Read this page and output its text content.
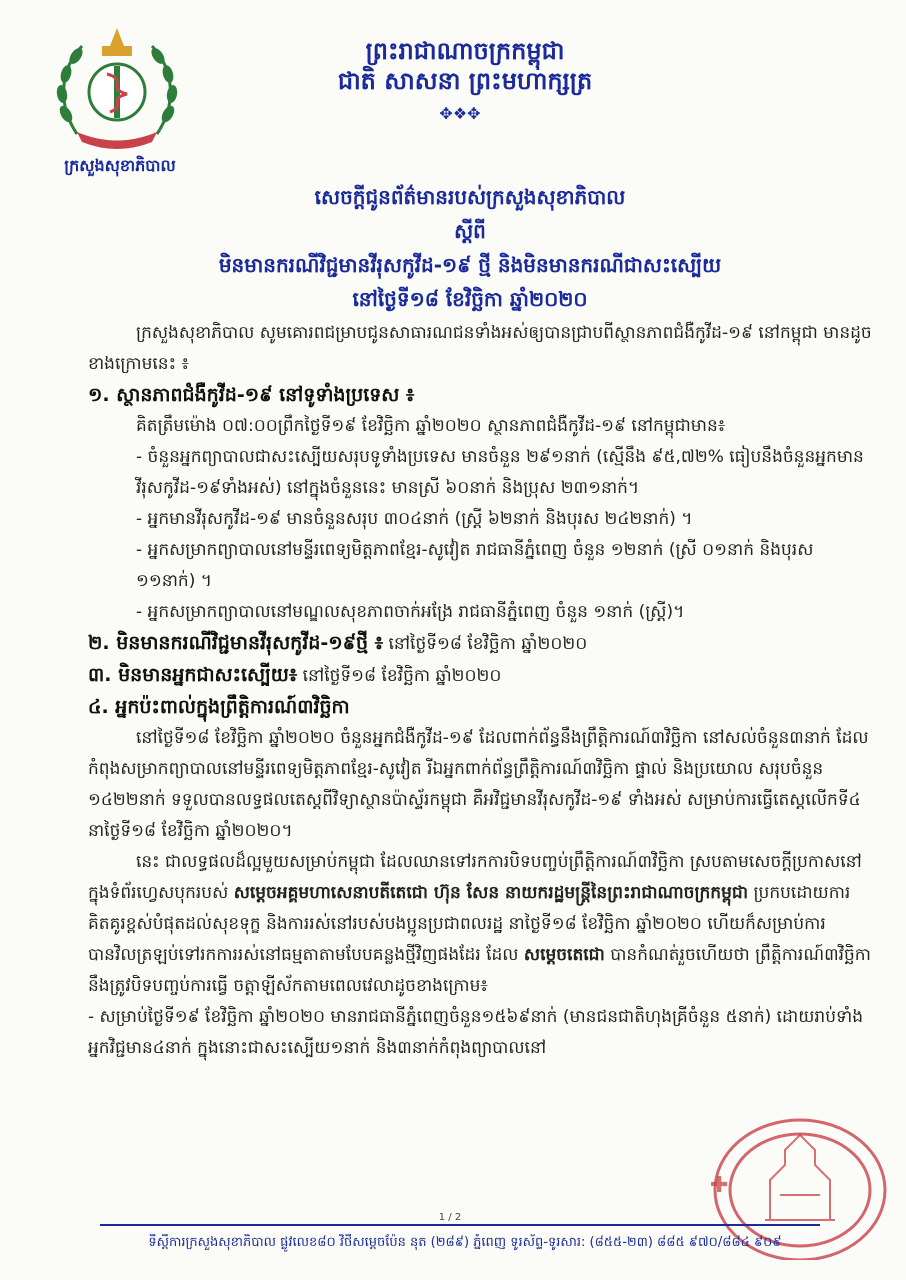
ព្រះរាជាណាចក្រកម្ពុជា
ជាតិ សាសនា ព្រះមហាក្សត្រ
✥❖✥
ក្រសួងសុខាភិបាល
សេចក្តីជូនព័ត៌មានរបស់ក្រសួងសុខាភិបាល
ស្តីពី
មិនមានករណីវិជ្ជមានវីរុសកូវីដ-១៩ ថ្មី និងមិនមានករណីជាសះស្បើយ
នៅថ្ងៃទី១៨ ខែវិច្ឆិកា ឆ្នាំ២០២០
ក្រសួងសុខាភិបាល សូមគោរពជម្រាបជូនសាធារណជនទាំងអស់ឲ្យបានជ្រាបពីស្ថានភាពជំងឺកូវីដ-១៩ នៅកម្ពុជា មានដូចខាងក្រោមនេះ ៖
១. ស្ថានភាពជំងឺកូវីដ-១៩ នៅទូទាំងប្រទេស ៖
គិតត្រឹមម៉ោង ០៧:០០ព្រឹកថ្ងៃទី១៩ ខែវិច្ឆិកា ឆ្នាំ២០២០ ស្ថានភាពជំងឺកូវីដ-១៩ នៅកម្ពុជាមាន៖
- ចំនួនអ្នកព្យាបាលជាសះស្បើយសរុបទូទាំងប្រទេស មានចំនួន ២៩១នាក់ (ស្មើនឹង ៩៥,៧២% ធៀបនឹងចំនួនអ្នកមានវីរុសកូវីដ-១៩ទាំងអស់) នៅក្នុងចំនួននេះ មានស្រី ៦០នាក់ និងប្រុស ២៣១នាក់។
- អ្នកមានវីរុសកូវីដ-១៩ មានចំនួនសរុប ៣០៤នាក់ (ស្ត្រី ៦២នាក់ និងបុរស ២៤២នាក់) ។
- អ្នកសម្រាកព្យាបាលនៅមន្ទីរពេទ្យមិត្តភាពខ្មែរ-សូវៀត រាជធានីភ្នំពេញ ចំនួន ១២នាក់ (ស្រី ០១នាក់ និងបុរស ១១នាក់) ។
- អ្នកសម្រាកព្យាបាលនៅមណ្ឌលសុខភាពចាក់អង្រែ រាជធានីភ្នំពេញ ចំនួន ១នាក់ (ស្ត្រី)។
២. មិនមានករណីវិជ្ជមានវីរុសកូវីដ-១៩ថ្មី ៖ នៅថ្ងៃទី១៨ ខែវិច្ឆិកា ឆ្នាំ២០២០
៣. មិនមានអ្នកជាសះស្បើយ៖ នៅថ្ងៃទី១៨ ខែវិច្ឆិកា ឆ្នាំ២០២០
៤. អ្នកប៉ះពាល់ក្នុងព្រឹត្តិការណ៍៣វិច្ឆិកា
នៅថ្ងៃទី១៨ ខែវិច្ឆិកា ឆ្នាំ២០២០ ចំនួនអ្នកជំងឺកូវីដ-១៩ ដែលពាក់ព័ន្ធនឹងព្រឹត្តិការណ៍៣វិច្ឆិកា នៅសល់ចំនួន៣នាក់ ដែលកំពុងសម្រាកព្យាបាលនៅមន្ទីរពេទ្យមិត្តភាពខ្មែរ-សូវៀត រីឯអ្នកពាក់ព័ន្ធព្រឹត្តិការណ៍៣វិច្ឆិកា ផ្ទាល់ និងប្រយោល សរុបចំនួន ១៤២២នាក់ ទទួលបានលទ្ធផលតេស្តពីវិទ្យាស្ថានប៉ាស្ទ័រកម្ពុជា គឺអវិជ្ជមានវីរុសកូវីដ-១៩ ទាំងអស់ សម្រាប់ការធ្វើតេស្តលើកទី៤ នាថ្ងៃទី១៨ ខែវិច្ឆិកា ឆ្នាំ២០២០។
នេះ ជាលទ្ធផលដ៏ល្អមួយសម្រាប់កម្ពុជា ដែលឈានទៅរកការបិទបញ្ចប់ព្រឹត្តិការណ៍៣វិច្ឆិកា ស្របតាមសេចក្តីប្រកាសនៅក្នុងទំព័រហ្វេសបុករបស់ សម្តេចអគ្គមហាសេនាបតីតេជោ ហ៊ុន សែន នាយករដ្ឋមន្ត្រីនៃព្រះរាជាណាចក្រកម្ពុជា ប្រកបដោយការគិតគូរខ្ពស់បំផុតដល់សុខទុក្ខ និងការរស់នៅរបស់បងប្អូនប្រជាពលរដ្ឋ នាថ្ងៃទី១៨ ខែវិច្ឆិកា ឆ្នាំ២០២០ ហើយក៏សម្រាប់ការបានវិលត្រឡប់ទៅរកការរស់នៅធម្មតាតាមបែបគន្លងថ្មីវិញផងដែរ ដែល សម្តេចតេជោ បានកំណត់រួចហើយថា ព្រឹត្តិការណ៍៣វិច្ឆិកា នឹងត្រូវបិទបញ្ចប់ការធ្វើ ចត្តាឡីស័កតាមពេលវេលាដូចខាងក្រោម៖
- សម្រាប់ថ្ងៃទី១៩ ខែវិច្ឆិកា ឆ្នាំ២០២០ មានរាជធានីភ្នំពេញចំនួន១៥៦៩នាក់ (មានជនជាតិហុងគ្រីចំនួន ៥នាក់) ដោយរាប់ទាំងអ្នកវិជ្ជមាន៤នាក់ ក្នុងនោះជាសះស្បើយ១នាក់ និង៣នាក់កំពុងព្យាបាលនៅ
✚
1 / 2
ទីស្តីការក្រសួងសុខាភិបាល ផ្លូវលេខ៨០ វិថីសម្តេចប៉ែន នុត (២៨៩) ភ្នំពេញ ទូរស័ព្ទ-ទូរសារ: (៨៥៥-២៣) ៨៨៥ ៩៧០/៨៨៤ ៩០៩
